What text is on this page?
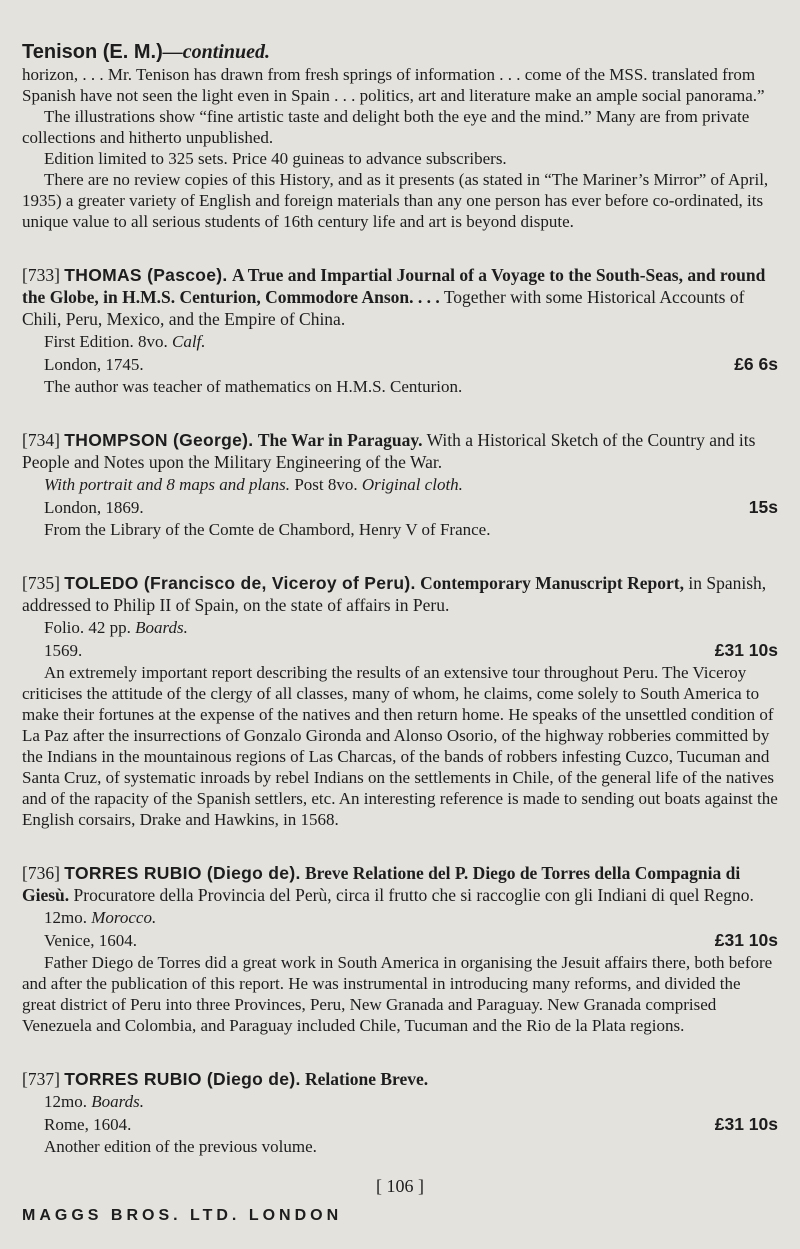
Tenison (E. M.)—continued.

horizon, . . . Mr. Tenison has drawn from fresh springs of information . . . come of the MSS. translated from Spanish have not seen the light even in Spain . . . politics, art and literature make an ample social panorama.”

The illustrations show “fine artistic taste and delight both the eye and the mind.” Many are from private collections and hitherto unpublished.

Edition limited to 325 sets. Price 40 guineas to advance subscribers.

There are no review copies of this History, and as it presents (as stated in “The Mariner’s Mirror” of April, 1935) a greater variety of English and foreign materials than any one person has ever before co-ordinated, its unique value to all serious students of 16th century life and art is beyond dispute.

[733] THOMAS (Pascoe). A True and Impartial Journal of a Voyage to the South-Seas, and round the Globe, in H.M.S. Centurion, Commodore Anson. . . . Together with some Historical Accounts of Chili, Peru, Mexico, and the Empire of China.

First Edition. 8vo. Calf.
London, 1745.	£6 6s

The author was teacher of mathematics on H.M.S. Centurion.

[734] THOMPSON (George). The War in Paraguay. With a Historical Sketch of the Country and its People and Notes upon the Military Engineering of the War.

With portrait and 8 maps and plans. Post 8vo. Original cloth.
London, 1869.	15s

From the Library of the Comte de Chambord, Henry V of France.

[735] TOLEDO (Francisco de, Viceroy of Peru). Contemporary Manuscript Report, in Spanish, addressed to Philip II of Spain, on the state of affairs in Peru.

Folio. 42 pp. Boards.
1569.	£31 10s

An extremely important report describing the results of an extensive tour throughout Peru. The Viceroy criticises the attitude of the clergy of all classes, many of whom, he claims, come solely to South America to make their fortunes at the expense of the natives and then return home. He speaks of the unsettled condition of La Paz after the insurrections of Gonzalo Gironda and Alonso Osorio, of the highway robberies committed by the Indians in the mountainous regions of Las Charcas, of the bands of robbers infesting Cuzco, Tucuman and Santa Cruz, of systematic inroads by rebel Indians on the settlements in Chile, of the general life of the natives and of the rapacity of the Spanish settlers, etc. An interesting reference is made to sending out boats against the English corsairs, Drake and Hawkins, in 1568.

[736] TORRES RUBIO (Diego de). Breve Relatione del P. Diego de Torres della Compagnia di Giesù. Procuratore della Provincia del Perù, circa il frutto che si raccoglie con gli Indiani di quel Regno.

12mo. Morocco.
Venice, 1604.	£31 10s

Father Diego de Torres did a great work in South America in organising the Jesuit affairs there, both before and after the publication of this report. He was instrumental in introducing many reforms, and divided the great district of Peru into three Provinces, Peru, New Granada and Paraguay. New Granada comprised Venezuela and Colombia, and Paraguay included Chile, Tucuman and the Rio de la Plata regions.

[737] TORRES RUBIO (Diego de). Relatione Breve.

12mo. Boards.
Rome, 1604.	£31 10s

Another edition of the previous volume.

[ 106 ]
MAGGS BROS. LTD. LONDON
